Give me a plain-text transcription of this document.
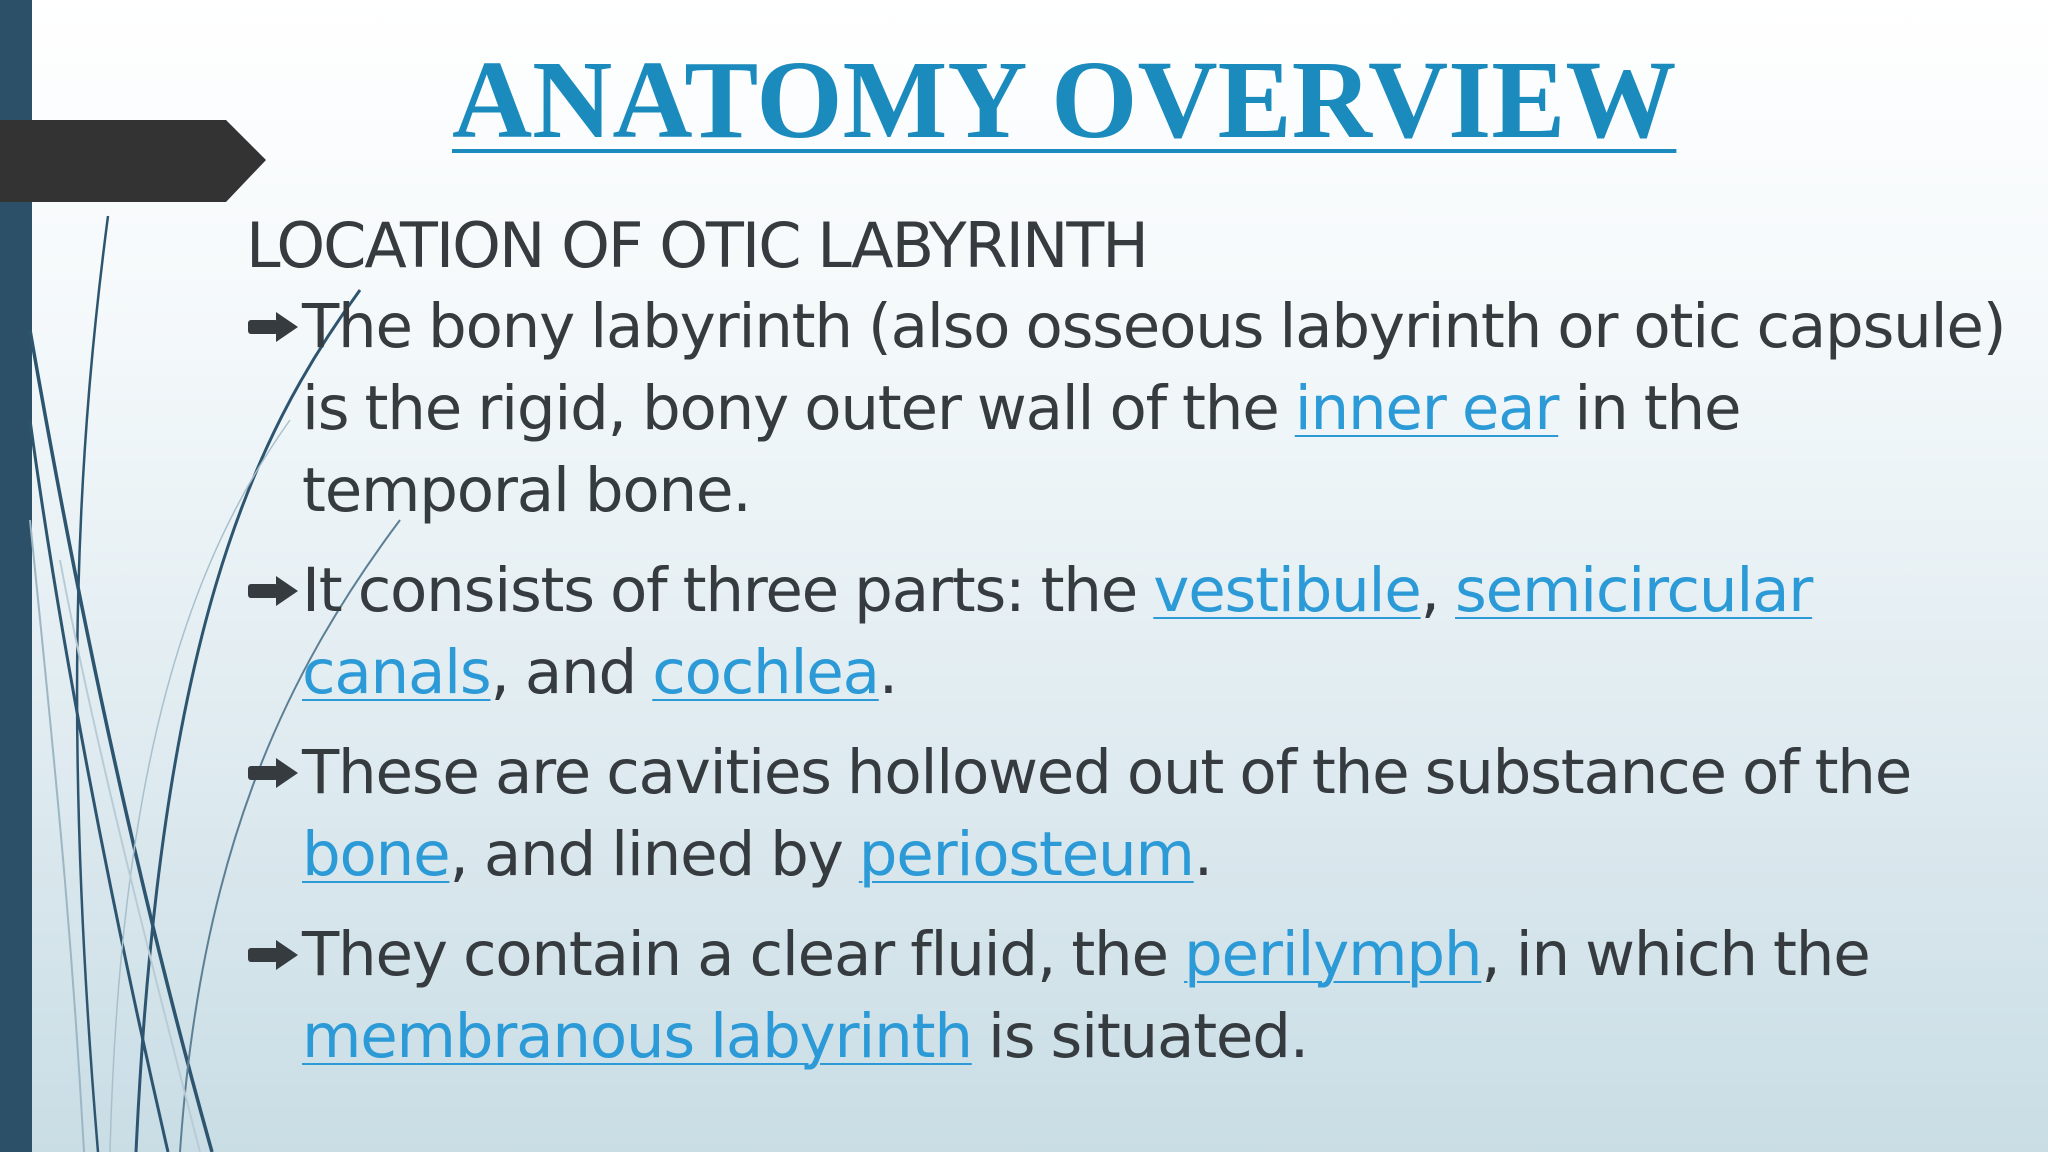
ANATOMY OVERVIEW

LOCATION OF OTIC LABYRINTH

The bony labyrinth (also osseous labyrinth or otic capsule) is the rigid, bony outer wall of the inner ear in the temporal bone.
It consists of three parts: the vestibule, semicircular canals, and cochlea.
These are cavities hollowed out of the substance of the bone, and lined by periosteum.
They contain a clear fluid, the perilymph, in which the membranous labyrinth is situated.
